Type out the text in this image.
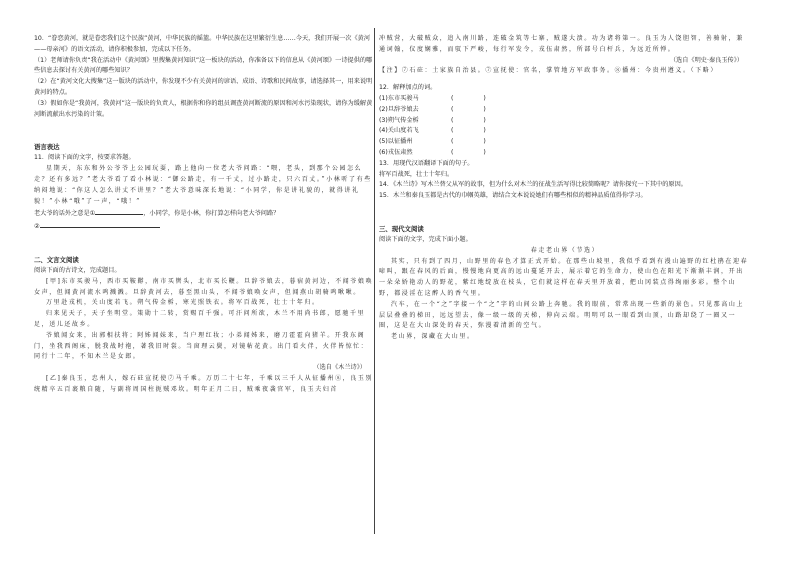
10．“眷恋黄河，就是眷恋我们这个民族”黄河，中华民族的摇篮。中华民族在这里繁衍生息……今天，我们开展一次《黄河——母亲河》的语文活动，请你积极参加，完成以下任务。

（1）老师请你负责“我在活动中《黄河颂》里搜集黄河知识”这一板块的活动，你准备以下的信息从《黄河颂》一诗提供的哪些信息去探讨有关黄河的哪些知识？

（2）在“黄河文化大搜集”这一版块的活动中，你发现不少有关黄河的谚语、成语、诗歌和民间故事，请选择其一，用来说明黄河的特点。

（3）假如你是“我黄河，我黄河”这一版块的负责人，根据你和你的组员调查黄河断流的原因和河水污染现状，请你为缓解黄河断流献出水污染的计策。

语言表达

11．阅读下面的文字，按要求答题。

星期天，东东和外公爷爷上公园玩耍，路上他向一位老大爷问路：“喂，老头，到那个公园怎么走？还有多远？”老大爷看了看小林说：“御公路走，有一千丈，过小路走，只六百丈。”小林听了有些纳闷地说：“你这人怎么讲丈不讲里？”老大爷意味深长地说：“小同学，你是讲礼貌的，就得讲礼貌！”小林“哦”了一声，“哦！”

老大爷的话外之意是①	，小同学，你是小林，你打算怎样向老大爷问路？

②

二、文言文阅读

阅读下面的古诗文，完成题目。

[甲]东市买骏马，西市买鞍鞯，南市买辔头，北市买长鞭。旦辞爷娘去，暮宿黄河边，不闻爷娘唤女声，但闻黄河流水鸣溅溅。旦辞黄河去，暮至黑山头，不闻爷娘唤女声，但闻燕山胡骑鸣啾啾。

万里赴戎机，关山度若飞。朔气传金柝，寒光照铁衣。将军百战死，壮士十年归。

归来见天子，天子坐明堂。策勋十二转，赏赐百千强。可汗问所欲，木兰不用尚书郎，愿驰千里足，送儿还故乡。

爷娘闻女来，出郭相扶将；阿姊闻妹来，当户理红妆；小弟闻姊来，磨刀霍霍向猪羊。开我东阁门，坐我西阁床，脱我战时袍，著我旧时裳。当窗理云鬓，对镜帖花黄。出门看火伴，火伴皆惊忙：同行十二年，不知木兰是女郎。

（选自《木兰诗》）

[乙]秦良玉，忠州人，嫁石砫宣抚使⑦马千乘。万历二十七年，千乘以三千人从征播州⑧，良玉别统精卒五百裹粮自随，与副将周国柱扼贼邓坎。明年正月二日，贼乘夜袭官军，良玉夫妇首

冲贼营，大破贼众，追入南川路，连破金筑等七寨，贼遂大溃。功为诸将第一。良玉为人饶胆智，善骑射，兼通词翰，仪度娴雅，而驭下严峻，每行军发令，戎伍肃然，所部号白杆兵，为远近所惮。

（选自《明史·秦良玉传》）

【注】⑦石砫：土家族自治县。⑦宣抚使：官名，掌管地方军政事务。⑧播州：今贵州遵义。（下略）

12．解释加点的词。

(1)东市买骏马	(	)

(2)旦辞爷娘去	(	)

(3)朔气传金柝	(	)

(4)关山度若飞	(	)

(5)以征播州	(	)

(6)戎伍肃然	(	)

13．用现代汉语翻译下面的句子。

将军百战死，壮士十年归。

14．《木兰诗》写木兰替父从军的故事，但为什么对木兰的征战生活写得比较简略呢？请你探究一下其中的原因。

15．木兰和秦良玉都是古代的巾帼英雄，请结合文本说说她们有哪些相似的精神品质值得你学习。

三、现代文阅读

阅读下面的文字，完成下面小题。

春走老山界（节选）

其实，只有到了四月，山野里的春色才算正式开始。在那些山坡里，我似乎看到有漫山遍野的红杜鹃在迎春啼叫，跟在春风的后面，慢慢地向更高的远山蔓延开去，展示着它的生命力，使山色在阳光下渐渐丰润，开出一朵朵娇艳动人的野花，紫红地绽放在枝头，它们就这样在春天里开放着，把山冈装点得绚丽多彩。整个山野，都浸淫在这醉人的香气里。

汽车，在一个“之”字接一个“之”字的山间公路上奔驰。我的眼前，常常出现一些新的景色。只见那高山上层层叠叠的梯田，远远望去，像一级一级的天梯，伸向云端。明明可以一眼看到山顶，山路却绕了一圈又一圈，这是在大山深处的春天，弥漫着清新的空气。

老山界，深藏在大山里。
